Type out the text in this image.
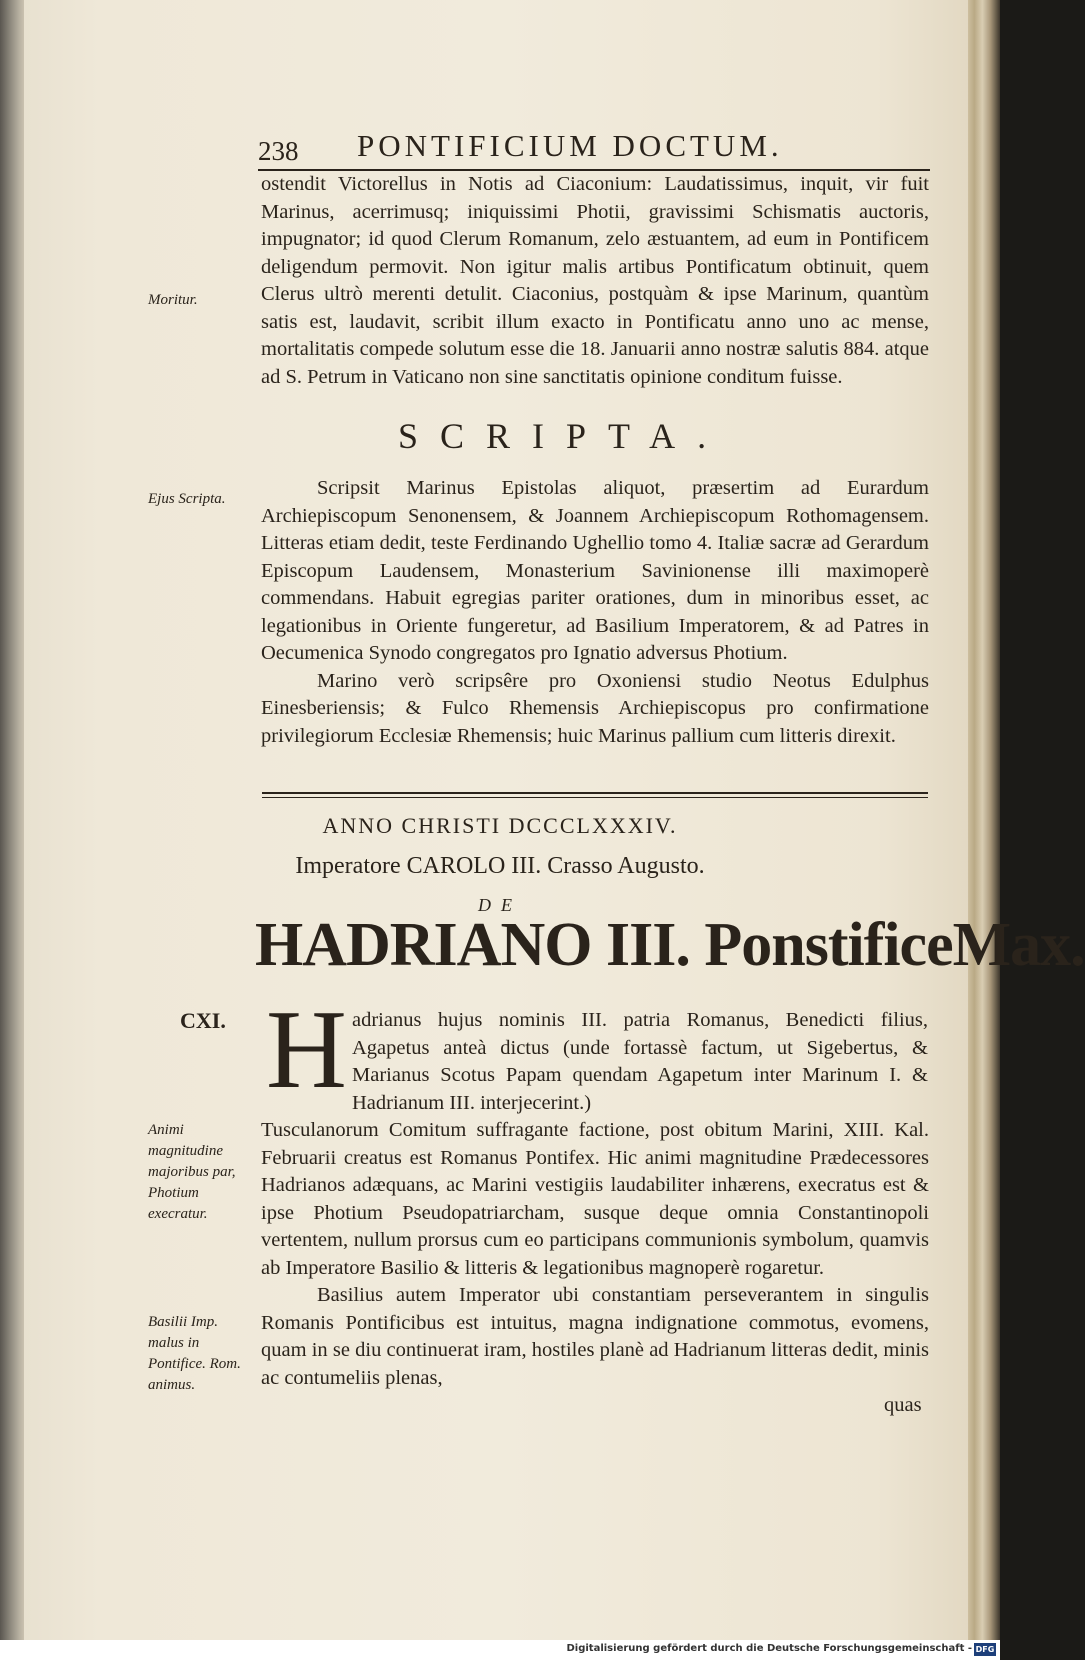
238 PONTIFICIUM DOCTUM.

ostendit Victorellus in Notis ad Ciaconium: Laudatissimus, inquit, vir fuit Marinus, acerrimusq; iniquissimi Photii, gravissimi Schismatis auctoris, impugnator; id quod Clerum Romanum, zelo æstuantem, ad eum in Pontificem deligendum permovit. Non igitur malis artibus Pontificatum obtinuit, quem Clerus ultrò merenti detulit. Ciaconius, postquàm & ipse Marinum, quantùm satis est, laudavit, scribit illum exacto in Pontificatu anno uno ac mense, mortalitatis compede solutum esse die 18. Januarii anno nostræ salutis 884. atque ad S. Petrum in Vaticano non sine sanctitatis opinione conditum fuisse.

Moritur.
SCRIPTA.
Ejus Scripta.	Scripsit Marinus Epistolas aliquot, præsertim ad Eurardum Archiepiscopum Senonensem, & Joannem Archiepiscopum Rothomagensem. Litteras etiam dedit, teste Ferdinando Ughellio tomo 4. Italiæ sacræ ad Gerardum Episcopum Laudensem, Monasterium Savinionense illi maximoperè commendans. Habuit egregias pariter orationes, dum in minoribus esset, ac legationibus in Oriente fungeretur, ad Basilium Imperatorem, & ad Patres in Oecumenica Synodo congregatos pro Ignatio adversus Photium.

Marino verò scripsêre pro Oxoniensi studio Neotus Edulphus Einesberiensis; & Fulco Rhemensis Archiepiscopus pro confirmatione privilegiorum Ecclesiæ Rhemensis; huic Marinus pallium cum litteris direxit.

ANNO CHRISTI DCCCLXXXIV.
Imperatore CAROLO III. Crasso Augusto.
DE
HADRIANO III. PonstificeMax.
CXI. H adrianus hujus nominis III. patria Romanus, Benedicti filius, Agapetus anteà dictus (unde fortassè factum, ut Sigebertus, & Marianus Scotus Papam quendam Agapetum inter Marinum I. & Hadrianum III. interjecerint.)

Tusculanorum Comitum suffragante factione, post obitum Marini, XIII. Kal. Februarii creatus est Romanus Pontifex. Hic animi magnitudine Prædecessores Hadrianos adæquans, ac Marini vestigiis laudabiliter inhærens, execratus est & ipse Photium Pseudopatriarcham, susque deque omnia Constantinopoli vertentem, nullum prorsus cum eo participans communionis symbolum, quamvis ab Imperatore Basilio & litteris & legationibus magnoperè rogaretur.

Basilius autem Imperator ubi constantiam perseverantem in singulis Romanis Pontificibus est intuitus, magna indignatione commotus, evomens, quam in se diu continuerat iram, hostiles planè ad Hadrianum litteras dedit, minis ac contumeliis plenas,

Animi magnitudine majoribus par, Photium execratur.
Basilii Imp. malus in Pontifice. Rom. animus.
quas
Digitalisierung gefördert durch die Deutsche Forschungsgemeinschaft - DFG
